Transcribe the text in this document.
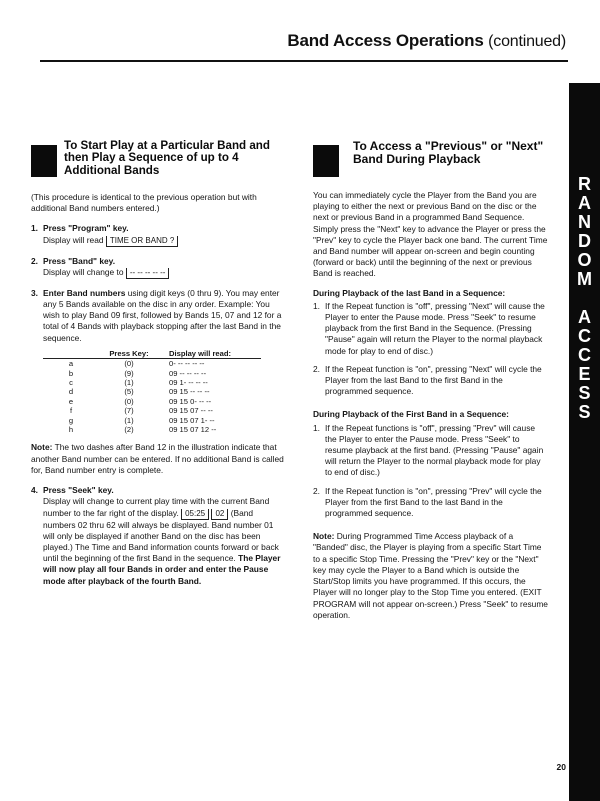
Band Access Operations (continued)
R
A
N
D
O
M
A
C
C
E
S
S
To Start Play at a Particular Band and then Play a Sequence of up to 4 Additional Bands

(This procedure is identical to the previous operation but with additional Band numbers entered.)

1. Press "Program" key.
Display will read TIME OR BAND ?
2. Press "Band" key.
Display will change to -- -- -- -- --
3. Enter Band numbers using digit keys (0 thru 9). You may enter any 5 Bands available on the disc in any order. Example: You wish to play Band 09 first, followed by Bands 15, 07 and 12 for a total of 4 Bands with playback stopping after the last Band in the sequence.
	Press Key:	Display will read:
a	(0)	0- -- -- -- --
b	(9)	09 -- -- -- --
c	(1)	09 1- -- -- --
d	(5)	09 15 -- -- --
e	(0)	09 15 0- -- --
f	(7)	09 15 07 -- --
g	(1)	09 15 07 1- --
h	(2)	09 15 07 12 --

Note: The two dashes after Band 12 in the illustration indicate that another Band number can be entered. If no additional Band is called for, Band number entry is complete.

4. Press "Seek" key.
Display will change to current play time with the current Band number to the far right of the display. 05:25 02 (Band numbers 02 thru 62 will always be displayed. Band number 01 will only be displayed if another Band on the disc has been played.) The Time and Band information counts forward or back until the beginning of the first Band in the sequence. The Player will now play all four Bands in order and enter the Pause mode after playback of the fourth Band.
To Access a "Previous" or "Next" Band During Playback

You can immediately cycle the Player from the Band you are playing to either the next or previous Band on the disc or the next or previous Band in a programmed Band Sequence. Simply press the "Next" key to advance the Player or press the "Prev" key to cycle the Player back one band. The current Time and Band number will appear on-screen and begin counting (forward or back) until the beginning of the next or previous Band is reached.

During Playback of the last Band in a Sequence:
1. If the Repeat function is "off", pressing "Next" will cause the Player to enter the Pause mode. Press "Seek" to resume playback from the first Band in the Sequence. (Pressing "Pause" again will return the Player to the normal playback mode for play to end of disc.)
2. If the Repeat function is "on", pressing "Next" will cycle the Player from the last Band to the first Band in the programmed sequence.
During Playback of the First Band in a Sequence:
1. If the Repeat functions is "off", pressing "Prev" will cause the Player to enter the Pause mode. Press "Seek" to resume playback at the first band. (Pressing "Pause" again will return the Player to the normal playback mode for play to end of disc.)
2. If the Repeat function is "on", pressing "Prev" will cycle the Player from the first Band to the last Band in the programmed sequence.

Note: During Programmed Time Access playback of a "Banded" disc, the Player is playing from a specific Start Time to a specific Stop Time. Pressing the "Prev" key or the "Next" key may cycle the Player to a Band which is outside the Start/Stop limits you have programmed. If this occurs, the Player will no longer play to the Stop Time you entered. (EXIT PROGRAM will not appear on-screen.) Press "Seek" to resume operation.

20
